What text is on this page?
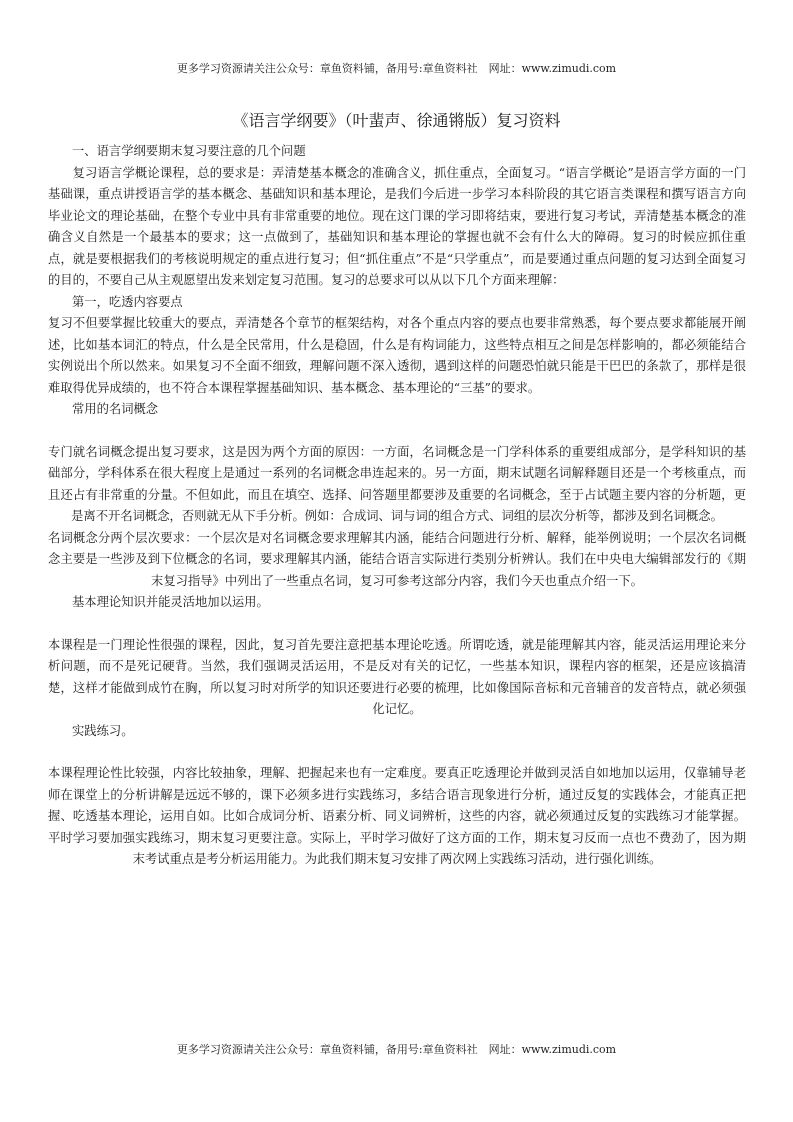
更多学习资源请关注公众号：章鱼资料铺，备用号:章鱼资料社　网址：www.zimudi.com
《语言学纲要》（叶蜚声、徐通锵版）复习资料

一、语言学纲要期末复习要注意的几个问题

复习语言学概论课程，总的要求是：弄清楚基本概念的准确含义，抓住重点，全面复习。“语言学概论”是语言学方面的一门基础课，重点讲授语言学的基本概念、基础知识和基本理论，是我们今后进一步学习本科阶段的其它语言类课程和撰写语言方向毕业论文的理论基础，在整个专业中具有非常重要的地位。现在这门课的学习即将结束，要进行复习考试，弄清楚基本概念的准确含义自然是一个最基本的要求；这一点做到了，基础知识和基本理论的掌握也就不会有什么大的障碍。复习的时候应抓住重点，就是要根据我们的考核说明规定的重点进行复习；但“抓住重点”不是“只学重点”，而是要通过重点问题的复习达到全面复习的目的，不要自己从主观愿望出发来划定复习范围。复习的总要求可以从以下几个方面来理解：

第一，吃透内容要点

复习不但要掌握比较重大的要点，弄清楚各个章节的框架结构，对各个重点内容的要点也要非常熟悉，每个要点要求都能展开阐述，比如基本词汇的特点，什么是全民常用，什么是稳固，什么是有构词能力，这些特点相互之间是怎样影响的，都必须能结合实例说出个所以然来。如果复习不全面不细致，理解问题不深入透彻，遇到这样的问题恐怕就只能是干巴巴的条款了，那样是很难取得优异成绩的，也不符合本课程掌握基础知识、基本概念、基本理论的“三基”的要求。

常用的名词概念

专门就名词概念提出复习要求，这是因为两个方面的原因：一方面，名词概念是一门学科体系的重要组成部分，是学科知识的基础部分，学科体系在很大程度上是通过一系列的名词概念串连起来的。另一方面，期末试题名词解释题目还是一个考核重点，而且还占有非常重的分量。不但如此，而且在填空、选择、问答题里都要涉及重要的名词概念，至于占试题主要内容的分析题，更是离不开名词概念，否则就无从下手分析。例如：合成词、词与词的组合方式、词组的层次分析等，都涉及到名词概念。

名词概念分两个层次要求：一个层次是对名词概念要求理解其内涵，能结合问题进行分析、解释，能举例说明；一个层次名词概念主要是一些涉及到下位概念的名词，要求理解其内涵，能结合语言实际进行类别分析辨认。我们在中央电大编辑部发行的《期末复习指导》中列出了一些重点名词，复习可参考这部分内容，我们今天也重点介绍一下。

基本理论知识并能灵活地加以运用。

本课程是一门理论性很强的课程，因此，复习首先要注意把基本理论吃透。所谓吃透，就是能理解其内容，能灵活运用理论来分析问题，而不是死记硬背。当然，我们强调灵活运用，不是反对有关的记忆，一些基本知识，课程内容的框架，还是应该搞清楚，这样才能做到成竹在胸，所以复习时对所学的知识还要进行必要的梳理，比如像国际音标和元音辅音的发音特点，就必须强化记忆。

实践练习。

本课程理论性比较强，内容比较抽象，理解、把握起来也有一定难度。要真正吃透理论并做到灵活自如地加以运用，仅靠辅导老师在课堂上的分析讲解是远远不够的，课下必须多进行实践练习，多结合语言现象进行分析，通过反复的实践体会，才能真正把握、吃透基本理论，运用自如。比如合成词分析、语素分析、同义词辨析，这些的内容，就必须通过反复的实践练习才能掌握。平时学习要加强实践练习，期末复习更要注意。实际上，平时学习做好了这方面的工作，期末复习反而一点也不费劲了，因为期末考试重点是考分析运用能力。为此我们期末复习安排了两次网上实践练习活动，进行强化训练。

更多学习资源请关注公众号：章鱼资料铺，备用号:章鱼资料社　网址：www.zimudi.com
